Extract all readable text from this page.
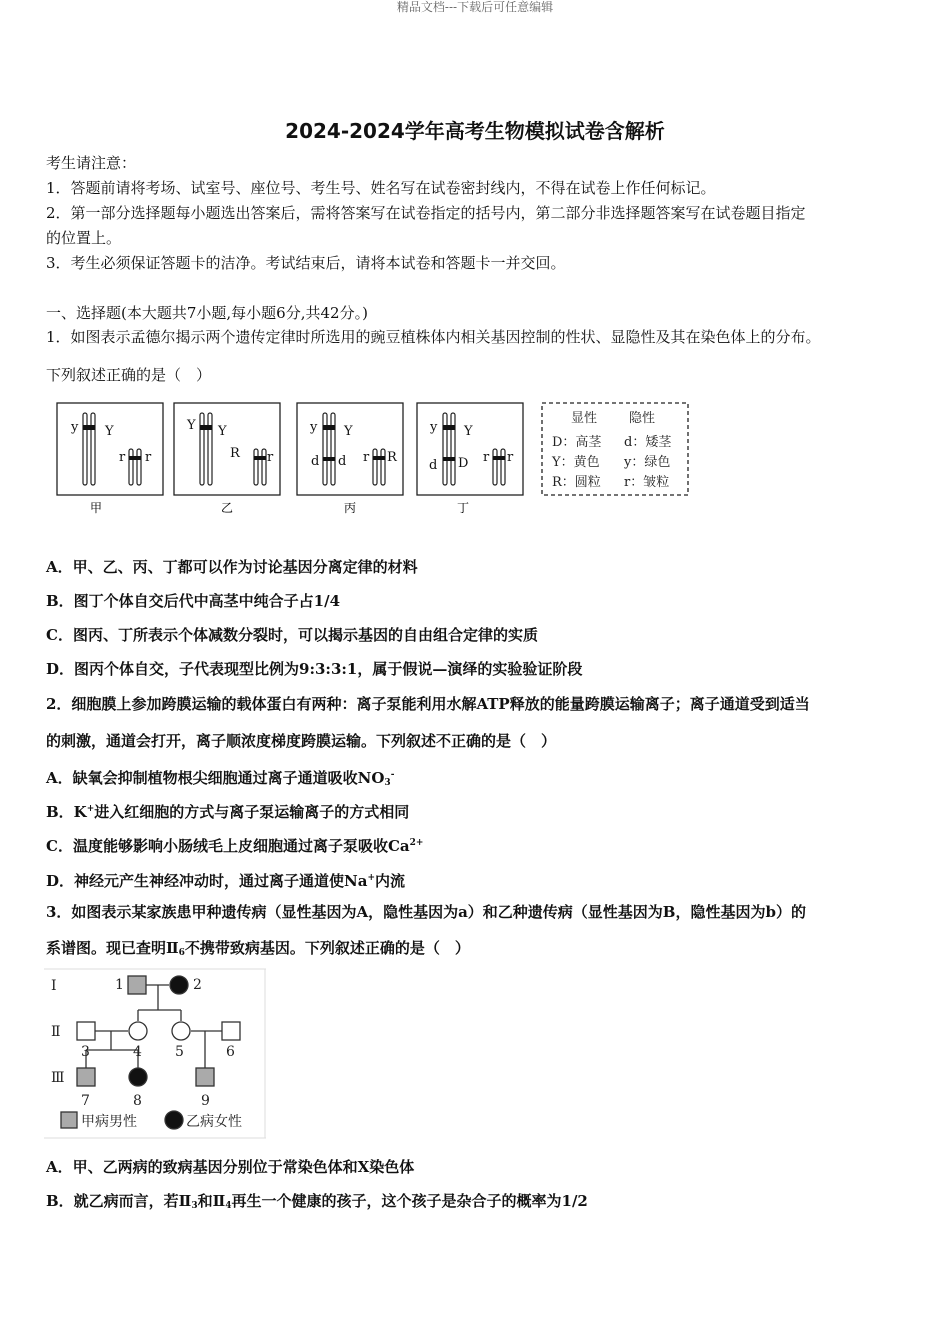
精品文档---下载后可任意编辑
2024-2024学年高考生物模拟试卷含解析
考生请注意：
1．答题前请将考场、试室号、座位号、考生号、姓名写在试卷密封线内，不得在试卷上作任何标记。
2．第一部分选择题每小题选出答案后，需将答案写在试卷指定的括号内，第二部分非选择题答案写在试卷题目指定
的位置上。
3．考生必须保证答题卡的洁净。考试结束后，请将本试卷和答题卡一并交回。
一、选择题(本大题共7小题,每小题6分,共42分。)
1．如图表示孟德尔揭示两个遗传定律时所选用的豌豆植株体内相关基因控制的性状、显隐性及其在染色体上的分布。
下列叙述正确的是（　）
y Y
r r
Y Y
R r
y Y
d d r R
y Y
d D r r
甲	乙	丙	丁
显性 隐性
D：高茎 d：矮茎
Y：黄色 y：绿色
R：圆粒 r：皱粒
A．甲、乙、丙、丁都可以作为讨论基因分离定律的材料
B．图丁个体自交后代中高茎中纯合子占1/4
C．图丙、丁所表示个体减数分裂时，可以揭示基因的自由组合定律的实质
D．图丙个体自交，子代表现型比例为9:3:3:1，属于假说—演绎的实验验证阶段
2．细胞膜上参加跨膜运输的载体蛋白有两种：离子泵能利用水解ATP释放的能量跨膜运输离子；离子通道受到适当
的刺激，通道会打开，离子顺浓度梯度跨膜运输。下列叙述不正确的是（　）
A．缺氧会抑制植物根尖细胞通过离子通道吸收$NO_3^-$
B．K+进入红细胞的方式与离子泵运输离子的方式相同
C．温度能够影响小肠绒毛上皮细胞通过离子泵吸收$Ca^{2+}$
D．神经元产生神经冲动时，通过离子通道使Na+内流
3．如图表示某家族患甲种遗传病（显性基因为A，隐性基因为a）和乙种遗传病（显性基因为B，隐性基因为b）的
系谱图。现已查明$Ⅱ_6$不携带致病基因。下列叙述正确的是（　）
Ⅰ
Ⅱ
Ⅲ
1	2
3	4 5	6
7	8	9
甲病男性	乙病女性
A．甲、乙两病的致病基因分别位于常染色体和X染色体
B．就乙病而言，若$Ⅱ_3$和$Ⅱ_4$再生一个健康的孩子，这个孩子是杂合子的概率为1/2
